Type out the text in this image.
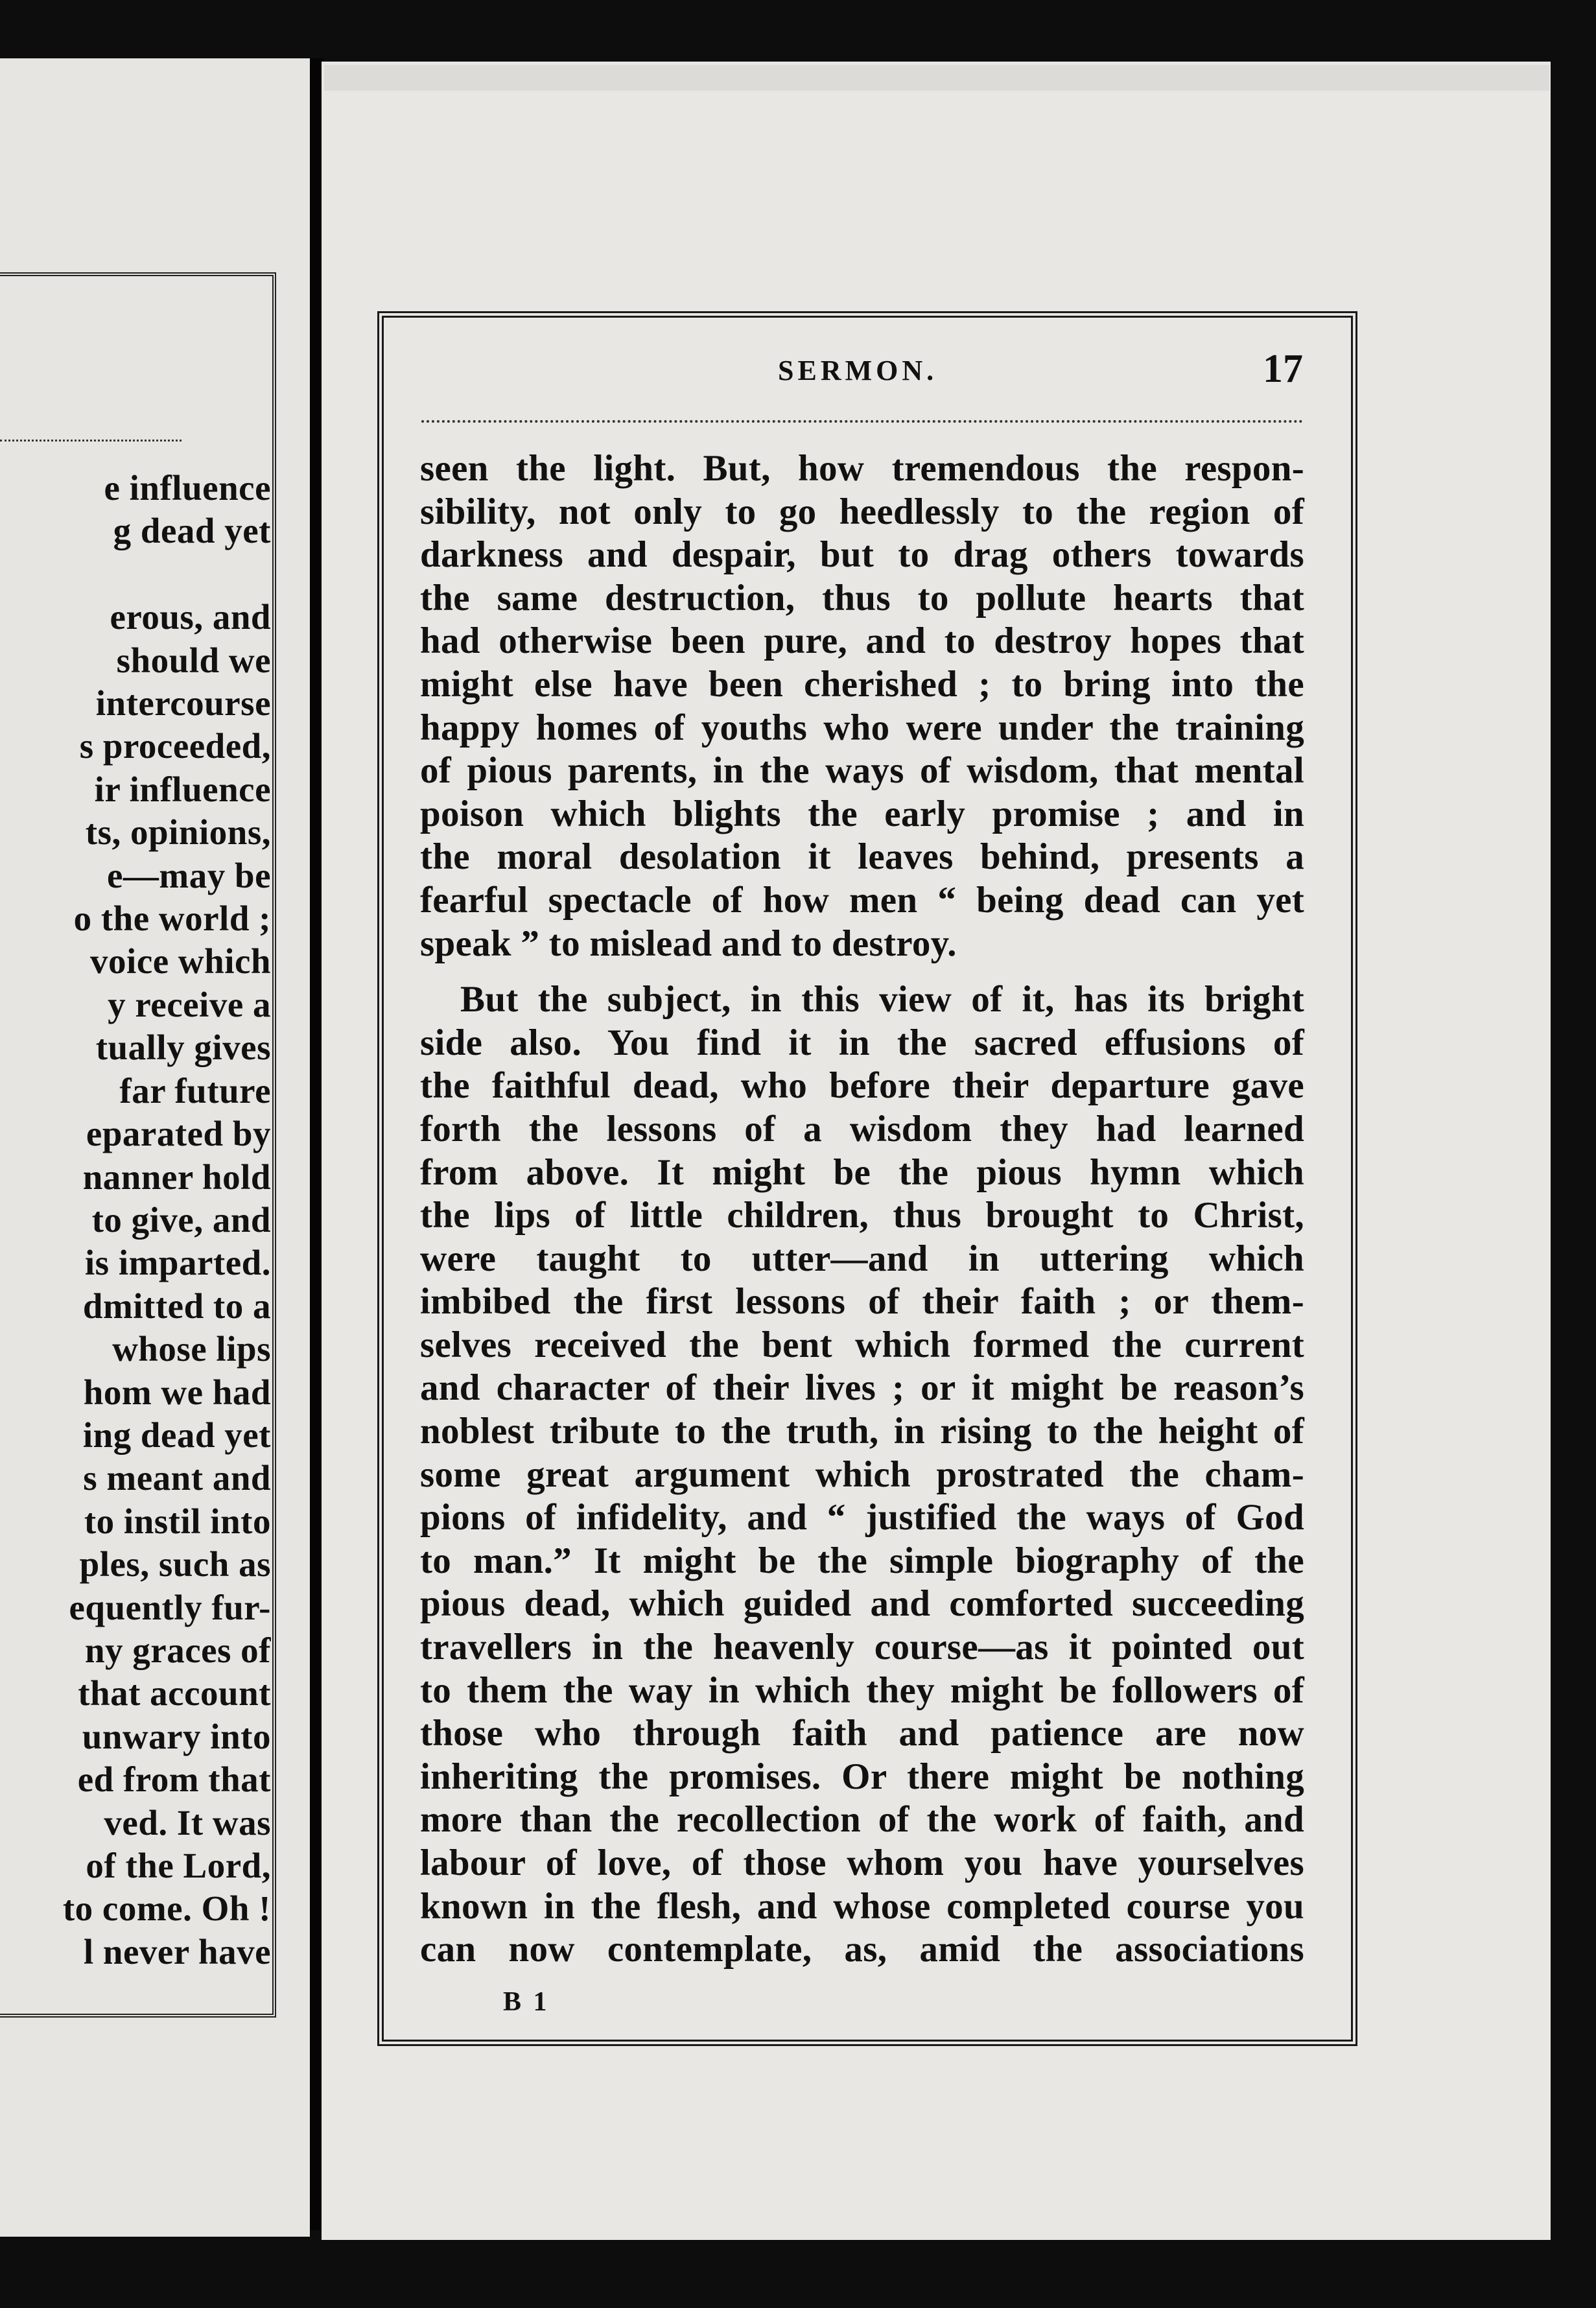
e influence
g dead yet

erous, and
should we
intercourse
s proceeded,
ir influence
ts, opinions,
e—may be
o the world ;
voice which
y receive a
tually gives
far future
eparated by
nanner hold
to give, and
is imparted.
dmitted to a
whose lips
hom we had
ing dead yet
s meant and
to instil into
ples, such as
equently fur-
ny graces of
that account
unwary into
ed from that
ved. It was
of the Lord,
to come. Oh !
l never have
SERMON.	17
seen the light. But, how tremendous the respon-
sibility, not only to go heedlessly to the region of
darkness and despair, but to drag others towards
the same destruction, thus to pollute hearts that
had otherwise been pure, and to destroy hopes that
might else have been cherished ; to bring into the
happy homes of youths who were under the training
of pious parents, in the ways of wisdom, that mental
poison which blights the early promise ; and in
the moral desolation it leaves behind, presents a
fearful spectacle of how men “ being dead can yet
speak ” to mislead and to destroy.
But the subject, in this view of it, has its bright
side also. You find it in the sacred effusions of
the faithful dead, who before their departure gave
forth the lessons of a wisdom they had learned
from above. It might be the pious hymn which
the lips of little children, thus brought to Christ,
were taught to utter—and in uttering which
imbibed the first lessons of their faith ; or them-
selves received the bent which formed the current
and character of their lives ; or it might be reason’s
noblest tribute to the truth, in rising to the height of
some great argument which prostrated the cham-
pions of infidelity, and “ justified the ways of God
to man.” It might be the simple biography of the
pious dead, which guided and comforted succeeding
travellers in the heavenly course—as it pointed out
to them the way in which they might be followers of
those who through faith and patience are now
inheriting the promises. Or there might be nothing
more than the recollection of the work of faith, and
labour of love, of those whom you have yourselves
known in the flesh, and whose completed course you
can now contemplate, as, amid the associations
B 1
